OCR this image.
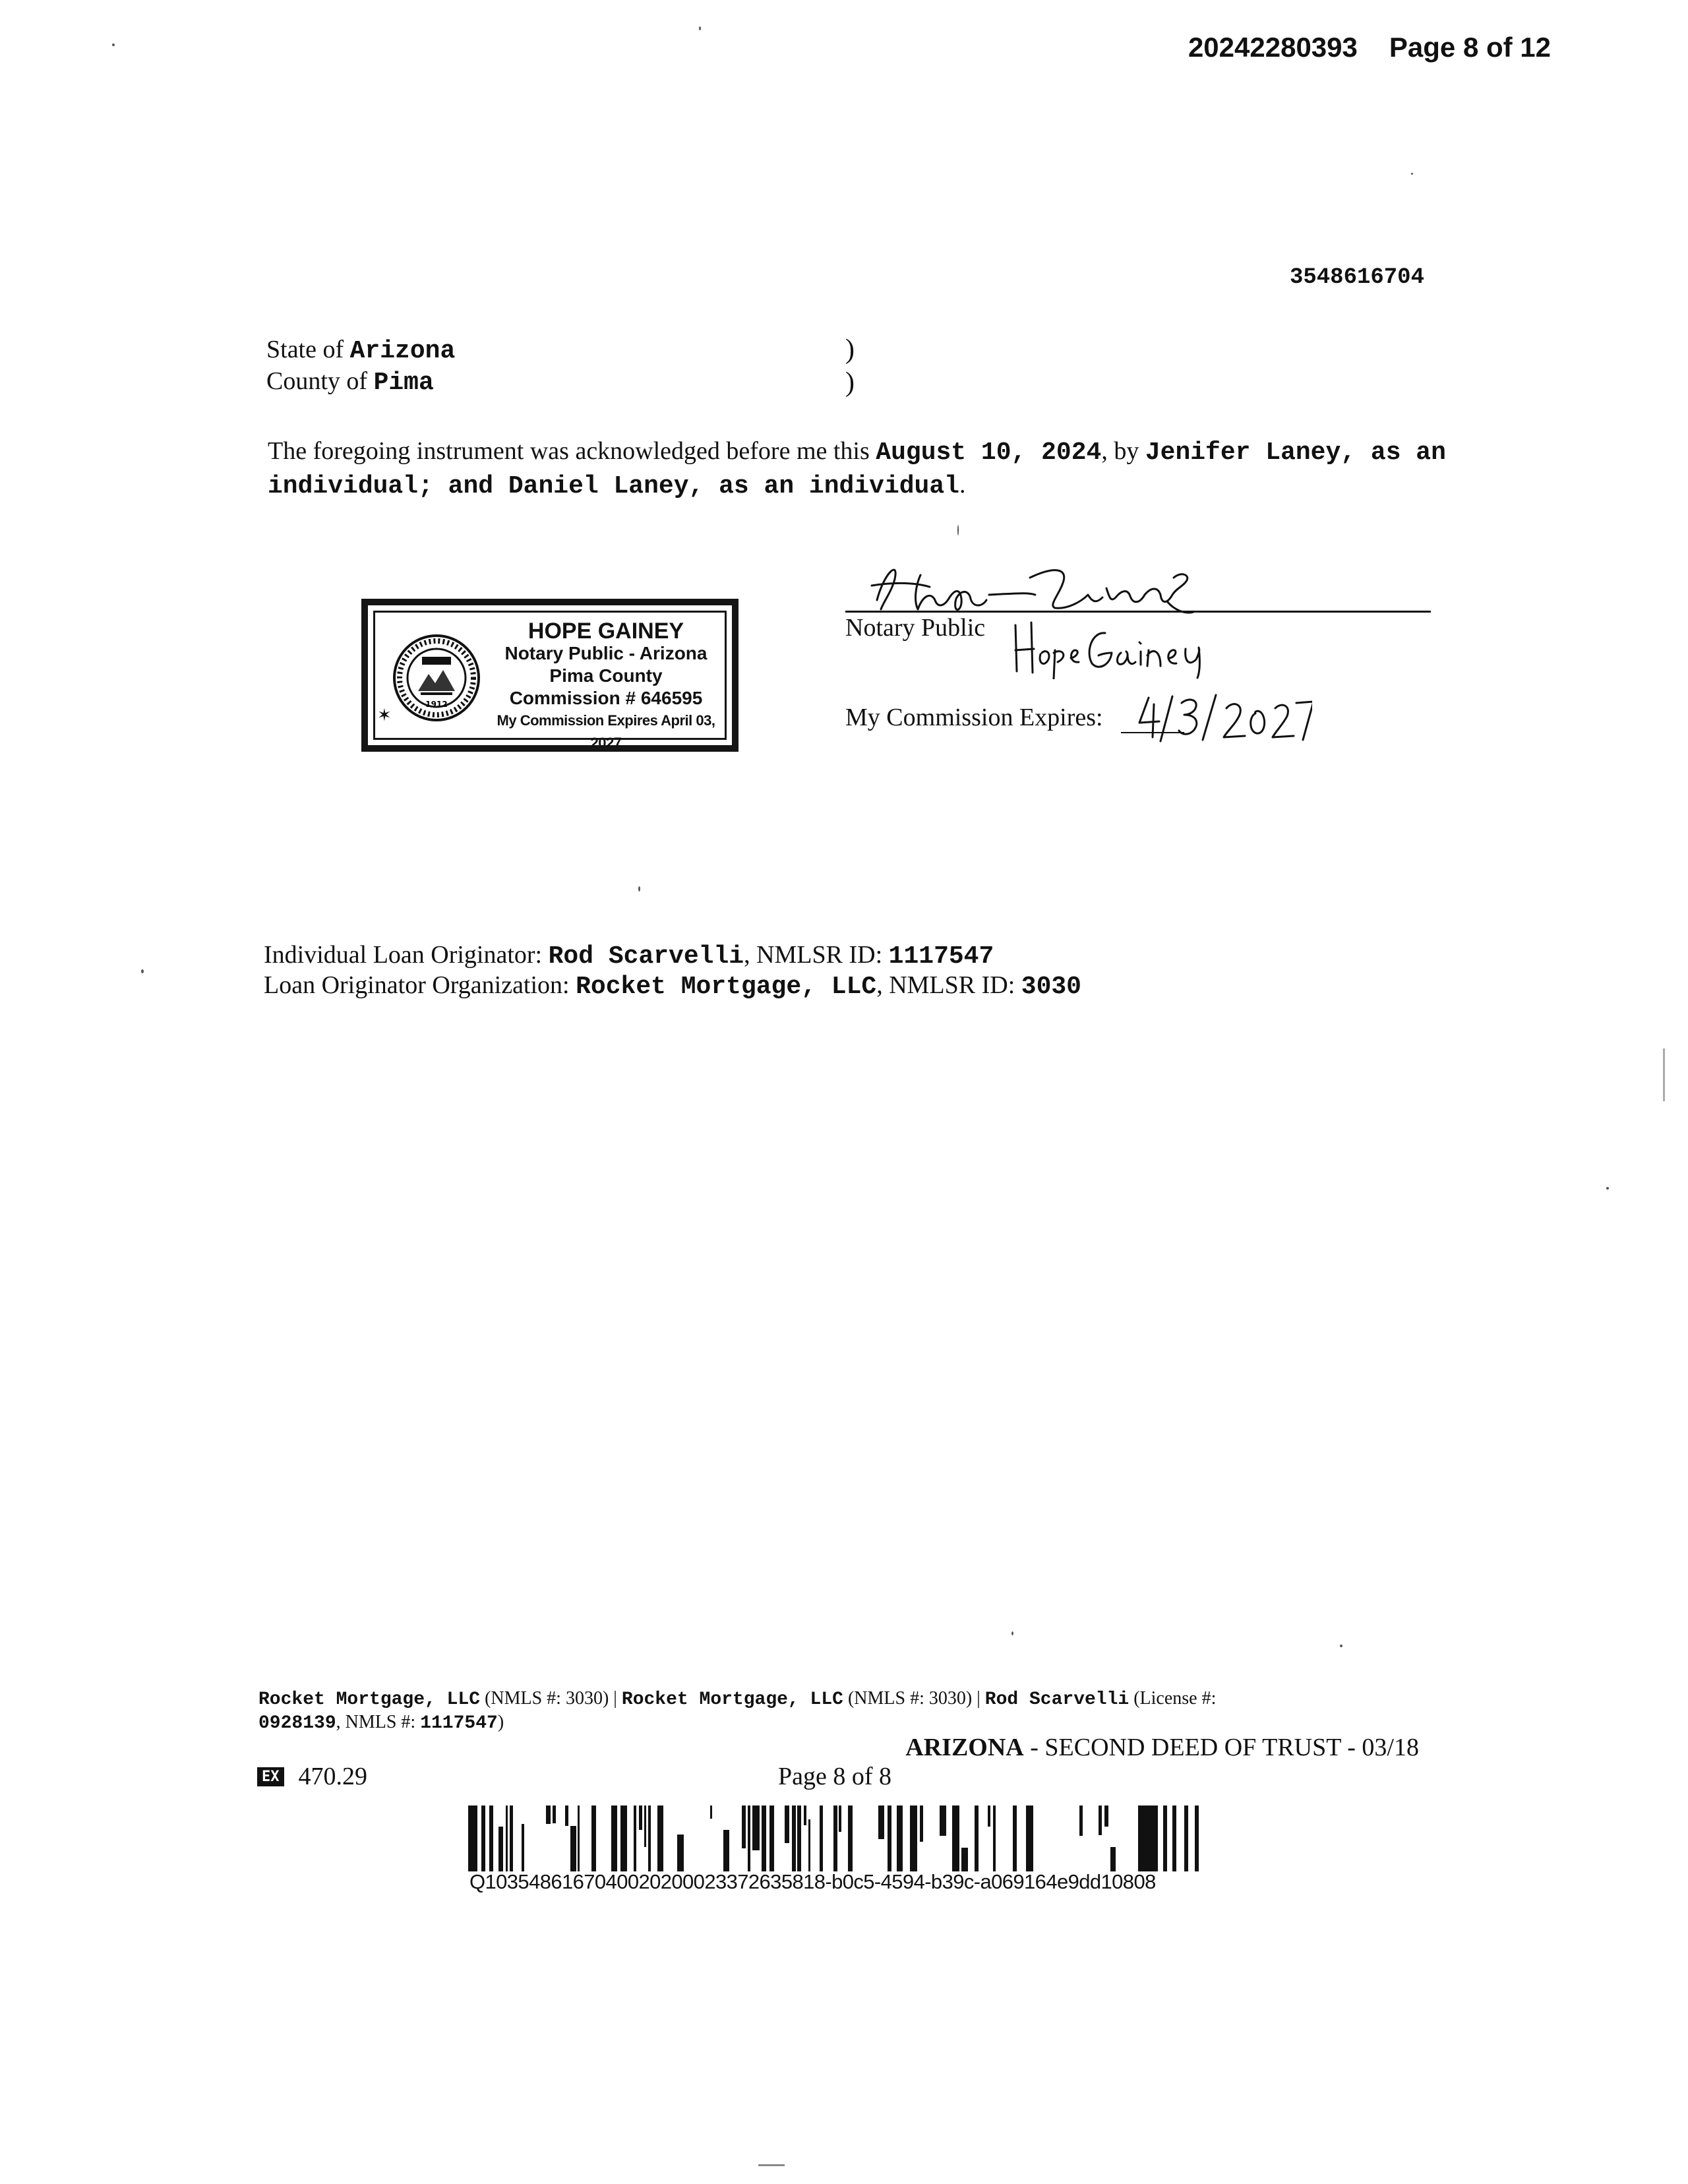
20242280393 Page 8 of 12
3548616704
State of Arizona
County of Pima
)
)
The foregoing instrument was acknowledged before me this August 10, 2024, by Jenifer Laney, as an individual; and Daniel Laney, as an individual.
1912
HOPE GAINEY
Notary Public - Arizona
Pima County
Commission # 646595
My Commission Expires April 03, 2027
✶
Notary Public
My Commission Expires:
Individual Loan Originator: Rod Scarvelli, NMLSR ID: 1117547
Loan Originator Organization: Rocket Mortgage, LLC, NMLSR ID: 3030
Rocket Mortgage, LLC (NMLS #: 3030) | Rocket Mortgage, LLC (NMLS #: 3030) | Rod Scarvelli (License #:
0928139, NMLS #: 1117547)
ARIZONA - SECOND DEED OF TRUST - 03/18
EX 470.29	Page 8 of 8
Q10354861670400202000233726358​18-b0c5-4594-b39c-a069164e9dd10808
